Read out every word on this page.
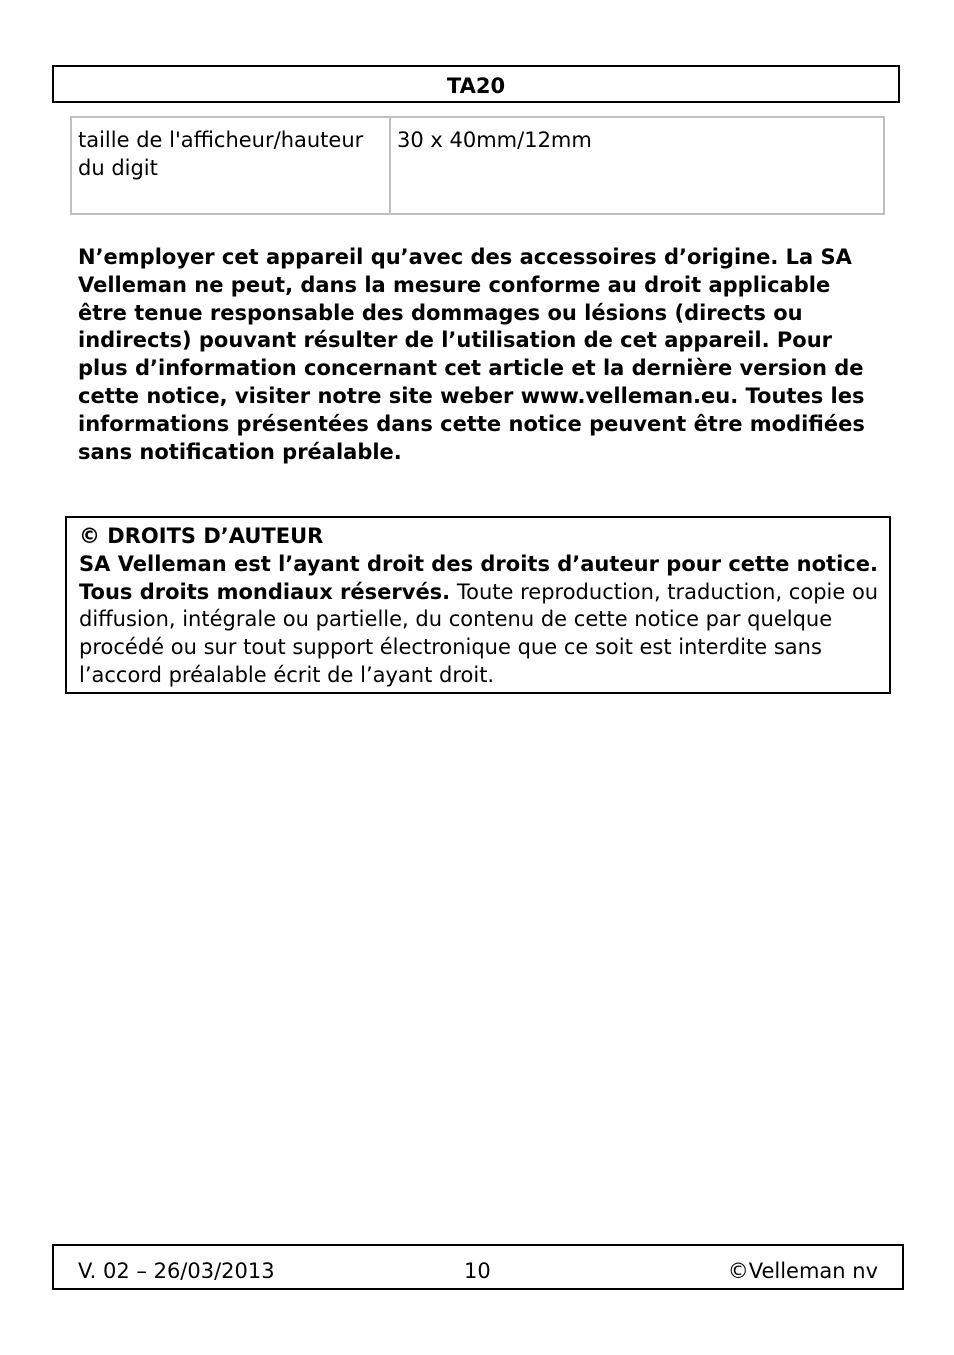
TA20
taille de l'afficheur/hauteur du digit	30 x 40mm/12mm

N’employer cet appareil qu’avec des accessoires d’origine. La SA Velleman ne peut, dans la mesure conforme au droit applicable être tenue responsable des dommages ou lésions (directs ou indirects) pouvant résulter de l’utilisation de cet appareil. Pour plus d’information concernant cet article et la dernière version de cette notice, visiter notre site weber www.velleman.eu. Toutes les informations présentées dans cette notice peuvent être modifiées sans notification préalable.

© DROITS D’AUTEUR
SA Velleman est l’ayant droit des droits d’auteur pour cette notice. Tous droits mondiaux réservés. Toute reproduction, traduction, copie ou diffusion, intégrale ou partielle, du contenu de cette notice par quelque procédé ou sur tout support électronique que ce soit est interdite sans l’accord préalable écrit de l’ayant droit.
V. 02 – 26/03/2013	10	©Velleman nv
